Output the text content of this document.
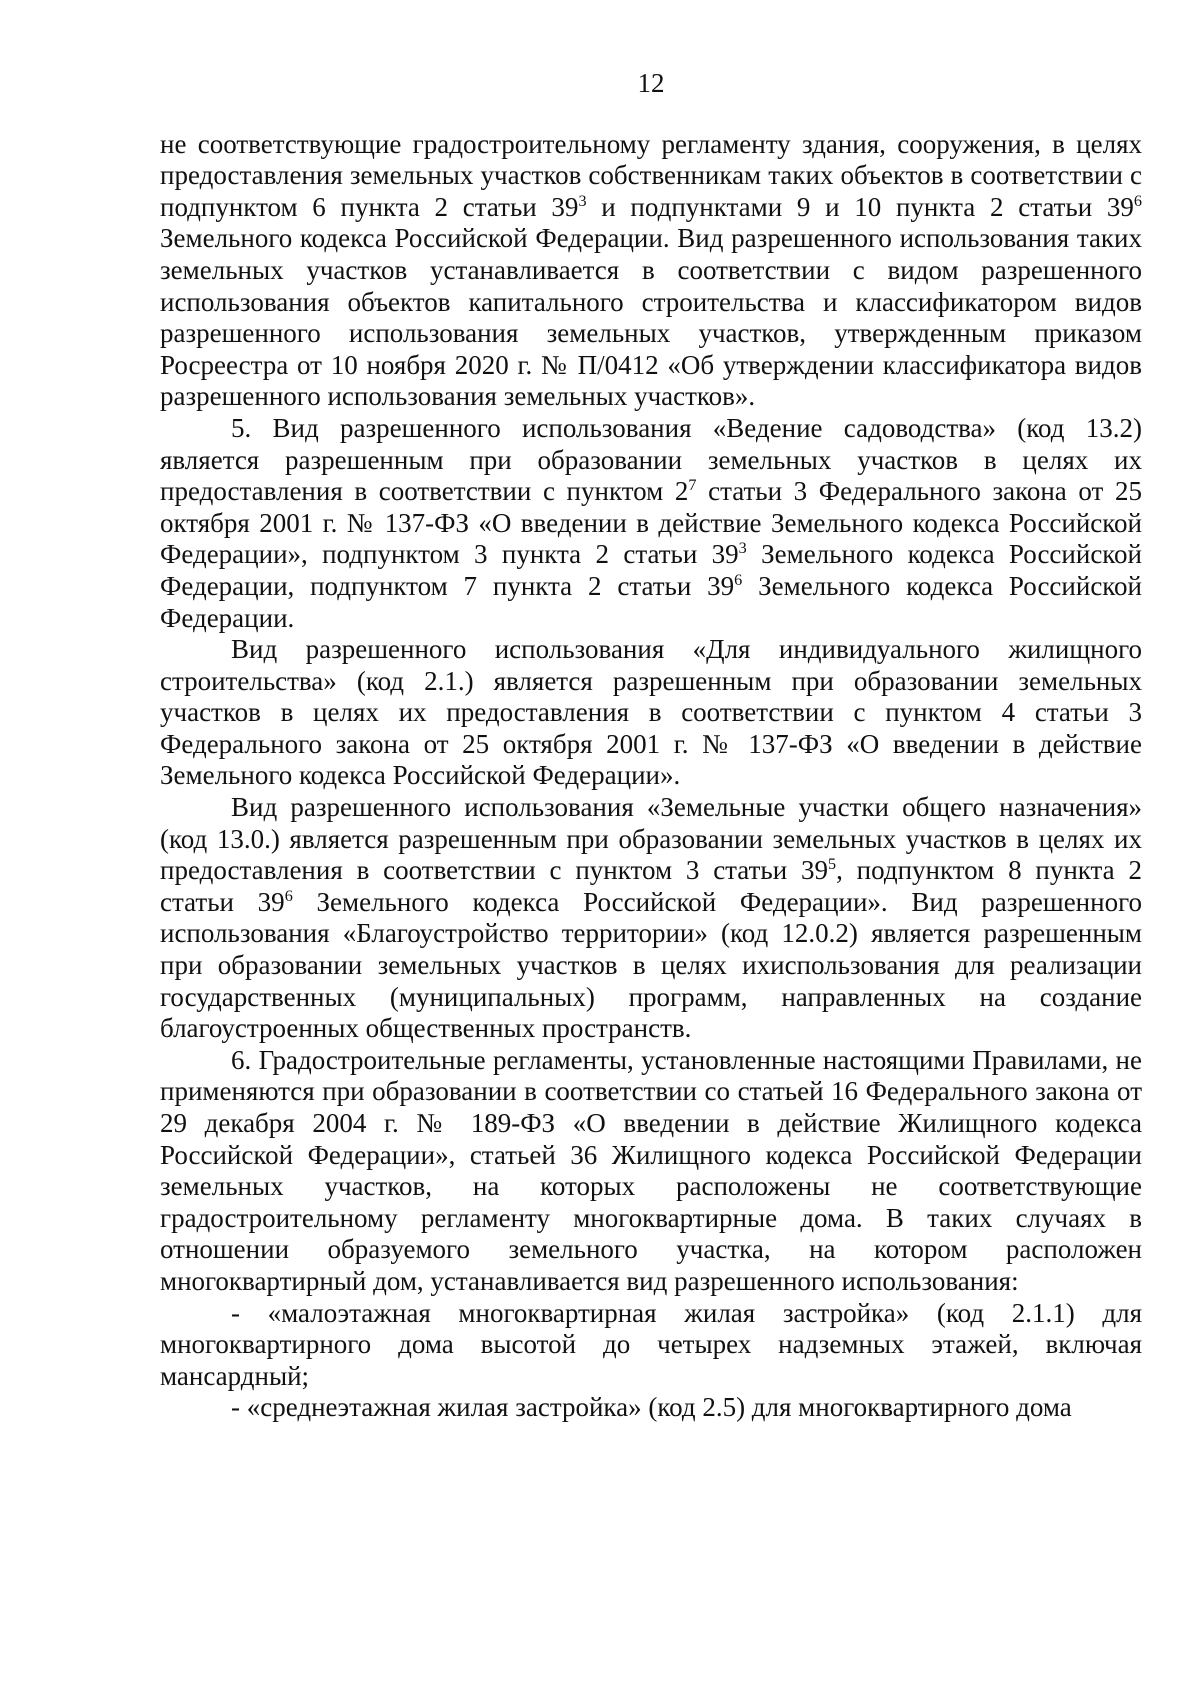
12

не соответствующие градостроительному регламенту здания, сооружения, в целях предоставления земельных участков собственникам таких объектов в соответствии с подпунктом 6 пункта 2 статьи $39^3$ и подпунктами 9 и 10 пункта 2 статьи $39^6$ Земельного кодекса Российской Федерации. Вид разрешенного использования таких земельных участков устанавливается в соответствии с видом разрешенного использования объектов капитального строительства и классификатором видов разрешенного использования земельных участков, утвержденным приказом Росреестра от 10 ноября 2020 г. № П/0412 «Об утверждении классификатора видов разрешенного использования земельных участков».

5. Вид разрешенного использования «Ведение садоводства» (код 13.2) является разрешенным при образовании земельных участков в целях их предоставления в соответствии с пунктом $2^7$ статьи 3 Федерального закона от 25 октября 2001 г. № 137-ФЗ «О введении в действие Земельного кодекса Российской Федерации», подпунктом 3 пункта 2 статьи $39^3$ Земельного кодекса Российской Федерации, подпунктом 7 пункта 2 статьи $39^6$ Земельного кодекса Российской Федерации.

Вид разрешенного использования «Для индивидуального жилищного строительства» (код 2.1.) является разрешенным при образовании земельных участков в целях их предоставления в соответствии с пунктом 4 статьи 3 Федерального закона от 25 октября 2001 г. № 137-ФЗ «О введении в действие Земельного кодекса Российской Федерации».

Вид разрешенного использования «Земельные участки общего назначения» (код 13.0.) является разрешенным при образовании земельных участков в целях их предоставления в соответствии с пунктом 3 статьи $39^5$, подпунктом 8 пункта 2 статьи $39^6$ Земельного кодекса Российской Федерации». Вид разрешенного использования «Благоустройство территории» (код 12.0.2) является разрешенным при образовании земельных участков в целях ихиспользования для реализации государственных (муниципальных) программ, направленных на создание благоустроенных общественных пространств.

6. Градостроительные регламенты, установленные настоящими Правилами, не применяются при образовании в соответствии со статьей 16 Федерального закона от 29 декабря 2004 г. № 189-ФЗ «О введении в действие Жилищного кодекса Российской Федерации», статьей 36 Жилищного кодекса Российской Федерации земельных участков, на которых расположены не соответствующие градостроительному регламенту многоквартирные дома. В таких случаях в отношении образуемого земельного участка, на котором расположен многоквартирный дом, устанавливается вид разрешенного использования:

- «малоэтажная многоквартирная жилая застройка» (код 2.1.1) для многоквартирного дома высотой до четырех надземных этажей, включая мансардный;

- «среднеэтажная жилая застройка» (код 2.5) для многоквартирного дома
